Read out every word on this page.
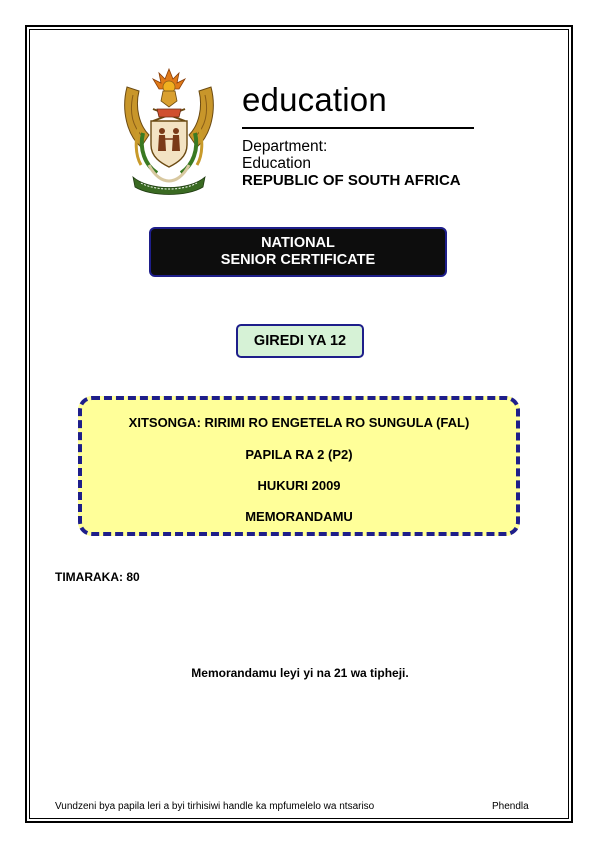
education
Department:
Education
REPUBLIC OF SOUTH AFRICA
NATIONAL
SENIOR CERTIFICATE
GIREDI YA 12
XITSONGA: RIRIMI RO ENGETELA RO SUNGULA (FAL)
PAPILA RA 2 (P2)
HUKURI 2009
MEMORANDAMU
TIMARAKA: 80
Memorandamu leyi yi na 21 wa tipheji.
Vundzeni bya papila leri a byi tirhisiwi handle ka mpfumelelo wa ntsariso	Phendla
